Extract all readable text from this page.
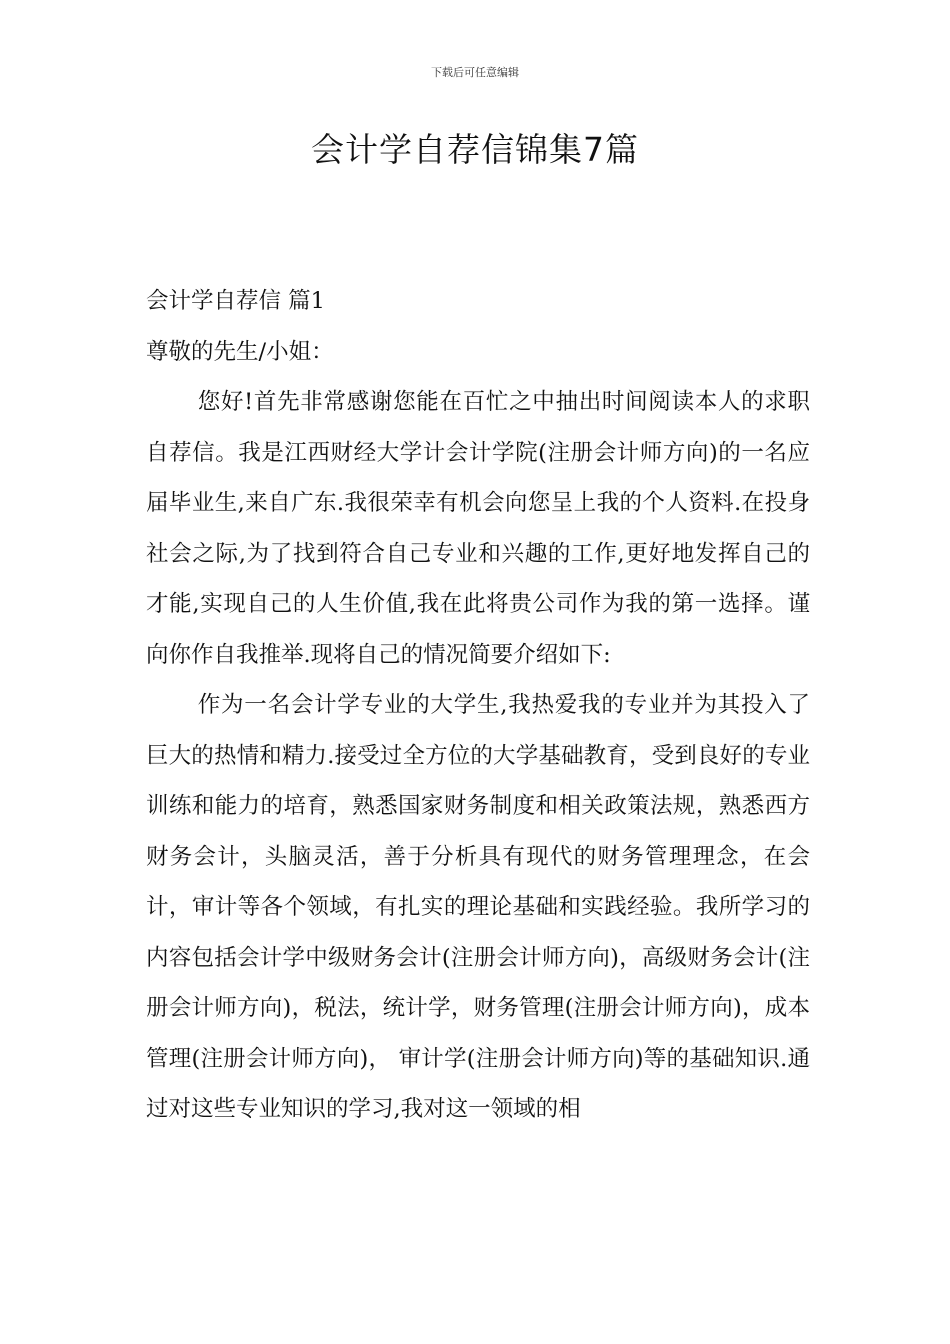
下载后可任意编辑
会计学自荐信锦集7篇

会计学自荐信 篇1

尊敬的先生/小姐：

您好!首先非常感谢您能在百忙之中抽出时间阅读本人的求职自荐信。我是江西财经大学计会计学院(注册会计师方向)的一名应届毕业生,来自广东.我很荣幸有机会向您呈上我的个人资料.在投身社会之际,为了找到符合自己专业和兴趣的工作,更好地发挥自己的才能,实现自己的人生价值,我在此将贵公司作为我的第一选择。谨向你作自我推举.现将自己的情况简要介绍如下:

作为一名会计学专业的大学生,我热爱我的专业并为其投入了巨大的热情和精力.接受过全方位的大学基础教育，受到良好的专业训练和能力的培育，熟悉国家财务制度和相关政策法规，熟悉西方财务会计，头脑灵活，善于分析具有现代的财务管理理念，在会计，审计等各个领域，有扎实的理论基础和实践经验。我所学习的内容包括会计学中级财务会计(注册会计师方向)，高级财务会计(注册会计师方向)，税法，统计学，财务管理(注册会计师方向)，成本管理(注册会计师方向)， 审计学(注册会计师方向)等的基础知识.通过对这些专业知识的学习,我对这一领域的相
